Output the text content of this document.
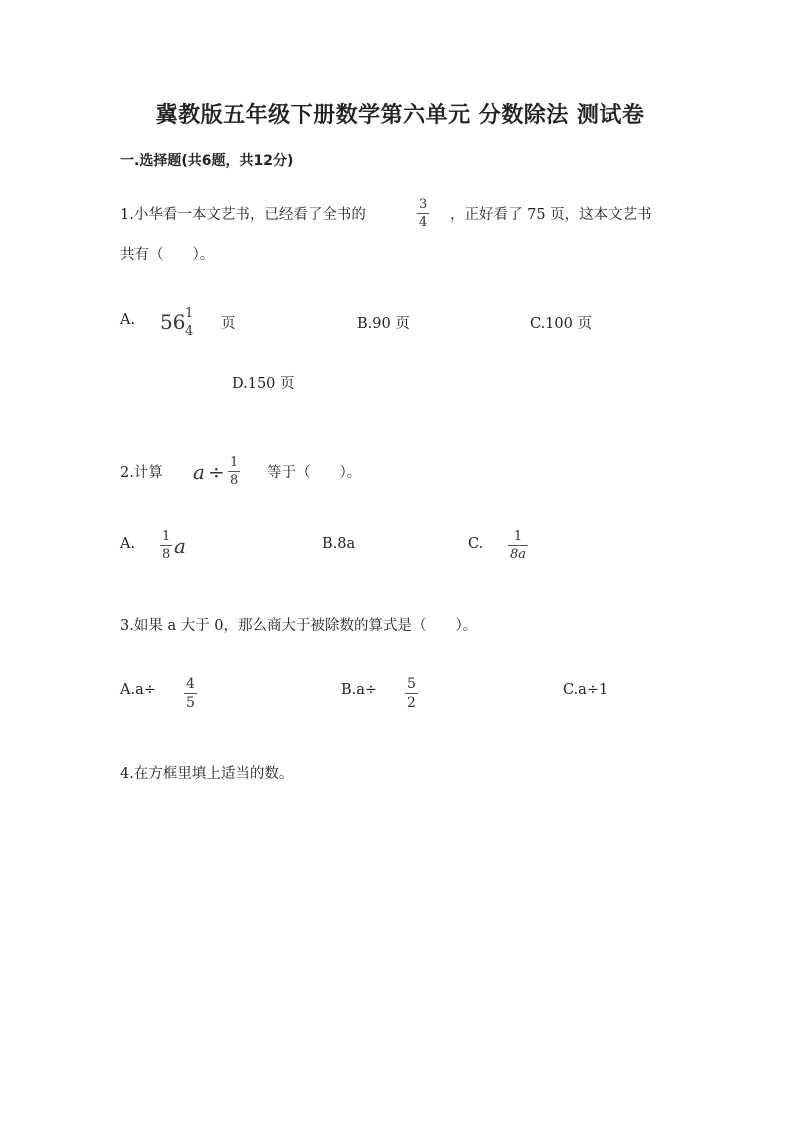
冀教版五年级下册数学第六单元 分数除法 测试卷
一.选择题(共6题，共12分)
1.小华看一本文艺书，已经看了全书的
3
4 ，正好看了 75 页，这本文艺书
共有（　　）。
A. 56 1
4 页	B.90 页	C.100 页
D.150 页
2.计算 a ÷ 1
8 等于（　　）。
A. 1
8 a	B.8a	C. 1
8a
3.如果 a 大于 0，那么商大于被除数的算式是（　　）。
A.a÷ 4
5
B.a÷ 5
2
C.a÷1
4.在方框里填上适当的数。
